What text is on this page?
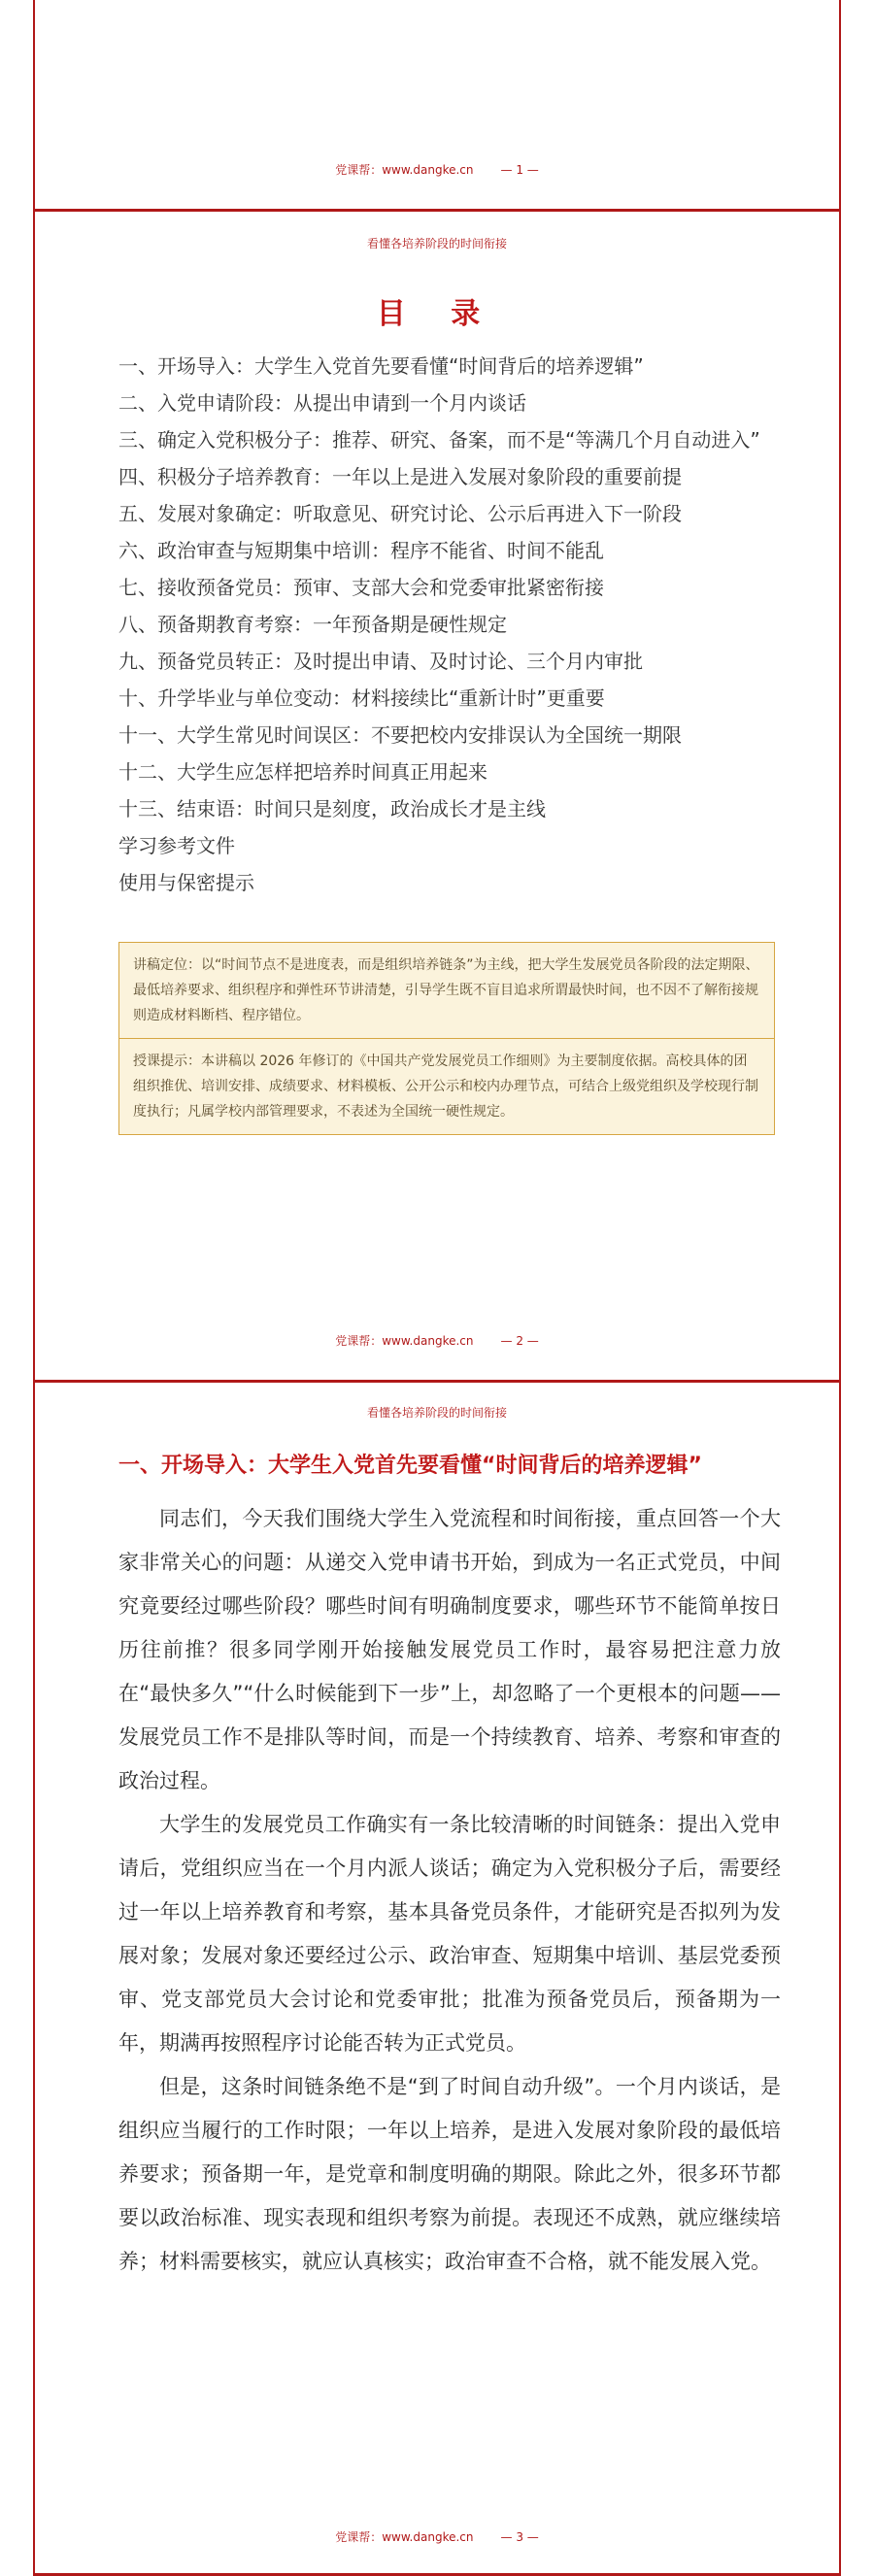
党课帮：www.dangke.cn — 1 —
看懂各培养阶段的时间衔接
目 录
一、开场导入：大学生入党首先要看懂“时间背后的培养逻辑”
二、入党申请阶段：从提出申请到一个月内谈话
三、确定入党积极分子：推荐、研究、备案，而不是“等满几个月自动进入”
四、积极分子培养教育：一年以上是进入发展对象阶段的重要前提
五、发展对象确定：听取意见、研究讨论、公示后再进入下一阶段
六、政治审查与短期集中培训：程序不能省、时间不能乱
七、接收预备党员：预审、支部大会和党委审批紧密衔接
八、预备期教育考察：一年预备期是硬性规定
九、预备党员转正：及时提出申请、及时讨论、三个月内审批
十、升学毕业与单位变动：材料接续比“重新计时”更重要
十一、大学生常见时间误区：不要把校内安排误认为全国统一期限
十二、大学生应怎样把培养时间真正用起来
十三、结束语：时间只是刻度，政治成长才是主线
学习参考文件
使用与保密提示
讲稿定位：以“时间节点不是进度表，而是组织培养链条”为主线，把大学生发展党员各阶段的法定期限、最低培养要求、组织程序和弹性环节讲清楚，引导学生既不盲目追求所谓最快时间，也不因不了解衔接规则造成材料断档、程序错位。
授课提示：本讲稿以 2026 年修订的《中国共产党发展党员工作细则》为主要制度依据。高校具体的团组织推优、培训安排、成绩要求、材料模板、公开公示和校内办理节点，可结合上级党组织及学校现行制度执行；凡属学校内部管理要求，不表述为全国统一硬性规定。
党课帮：www.dangke.cn — 2 —
看懂各培养阶段的时间衔接
一、开场导入：大学生入党首先要看懂“时间背后的培养逻辑”

同志们，今天我们围绕大学生入党流程和时间衔接，重点回答一个大家非常关心的问题：从递交入党申请书开始，到成为一名正式党员，中间究竟要经过哪些阶段？哪些时间有明确制度要求，哪些环节不能简单按日历往前推？很多同学刚开始接触发展党员工作时，最容易把注意力放在“最快多久”“什么时候能到下一步”上，却忽略了一个更根本的问题——发展党员工作不是排队等时间，而是一个持续教育、培养、考察和审查的政治过程。

大学生的发展党员工作确实有一条比较清晰的时间链条：提出入党申请后，党组织应当在一个月内派人谈话；确定为入党积极分子后，需要经过一年以上培养教育和考察，基本具备党员条件，才能研究是否拟列为发展对象；发展对象还要经过公示、政治审查、短期集中培训、基层党委预审、党支部党员大会讨论和党委审批；批准为预备党员后，预备期为一年，期满再按照程序讨论能否转为正式党员。

但是，这条时间链条绝不是“到了时间自动升级”。一个月内谈话，是组织应当履行的工作时限；一年以上培养，是进入发展对象阶段的最低培养要求；预备期一年，是党章和制度明确的期限。除此之外，很多环节都要以政治标准、现实表现和组织考察为前提。表现还不成熟，就应继续培养；材料需要核实，就应认真核实；政治审查不合格，就不能发展入党。

党课帮：www.dangke.cn — 3 —
